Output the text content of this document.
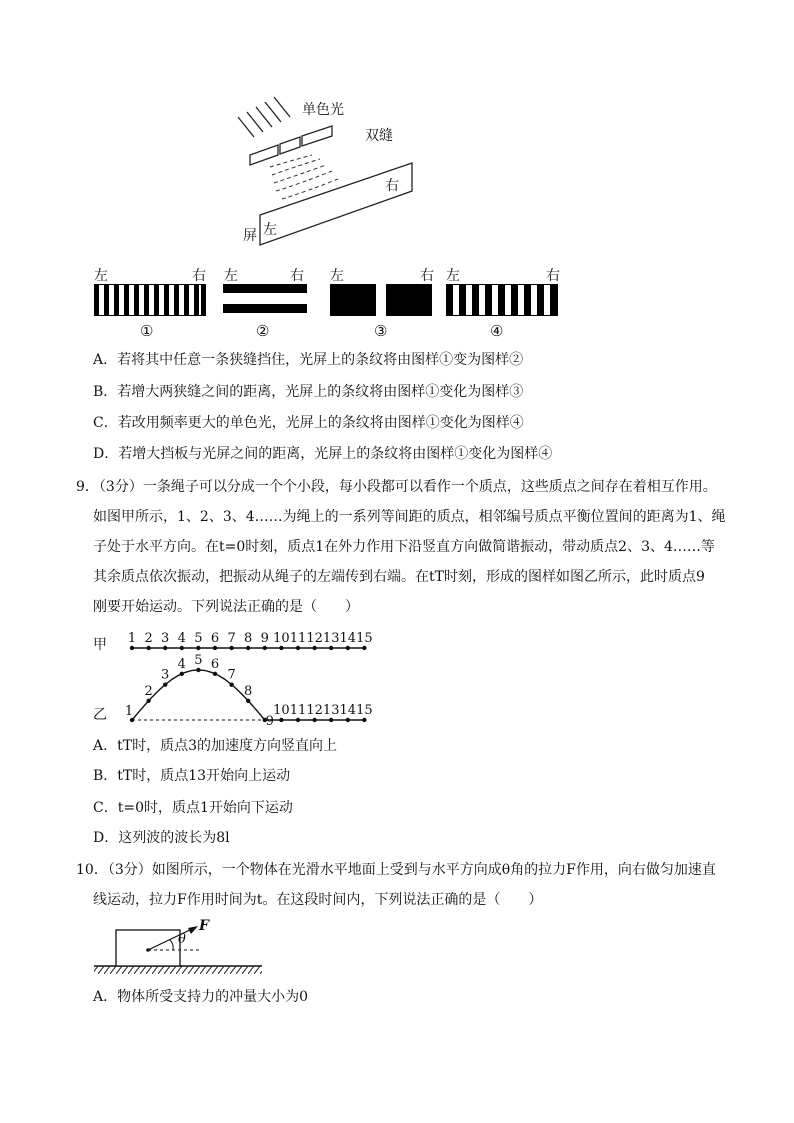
单色光
双缝
右
左
屏
左	右
①
左	右
②
左	右
③
左	右
④
A．若将其中任意一条狭缝挡住，光屏上的条纹将由图样①变为图样②
B．若增大两狭缝之间的距离，光屏上的条纹将由图样①变化为图样③
C．若改用频率更大的单色光，光屏上的条纹将由图样①变化为图样④
D．若增大挡板与光屏之间的距离，光屏上的条纹将由图样①变化为图样④

9．（3分）一条绳子可以分成一个个小段，每小段都可以看作一个质点，这些质点之间存在着相互作用。

如图甲所示，1、2、3、4……为绳上的一系列等间距的质点，相邻编号质点平衡位置间的距离为1、绳

子处于水平方向。在t=0时刻，质点1在外力作用下沿竖直方向做简谐振动，带动质点2、3、4……等

其余质点依次振动，把振动从绳子的左端传到右端。在tT时刻，形成的图样如图乙所示，此时质点9

刚要开始运动。下列说法正确的是（　　）

甲
乙
1 2 3 4 5 6 7 8 9 10 11 12 13 14 15
1
2
3
4 5 6
7
8
9
10 11 12 13 14 15
A．tT时，质点3的加速度方向竖直向上
B．tT时，质点13开始向上运动
C．t=0时，质点1开始向下运动
D．这列波的波长为8l

10．（3分）如图所示，一个物体在光滑水平地面上受到与水平方向成θ角的拉力F作用，向右做匀加速直

线运动，拉力F作用时间为t。在这段时间内，下列说法正确的是（　　）

F
θ
A．物体所受支持力的冲量大小为0
